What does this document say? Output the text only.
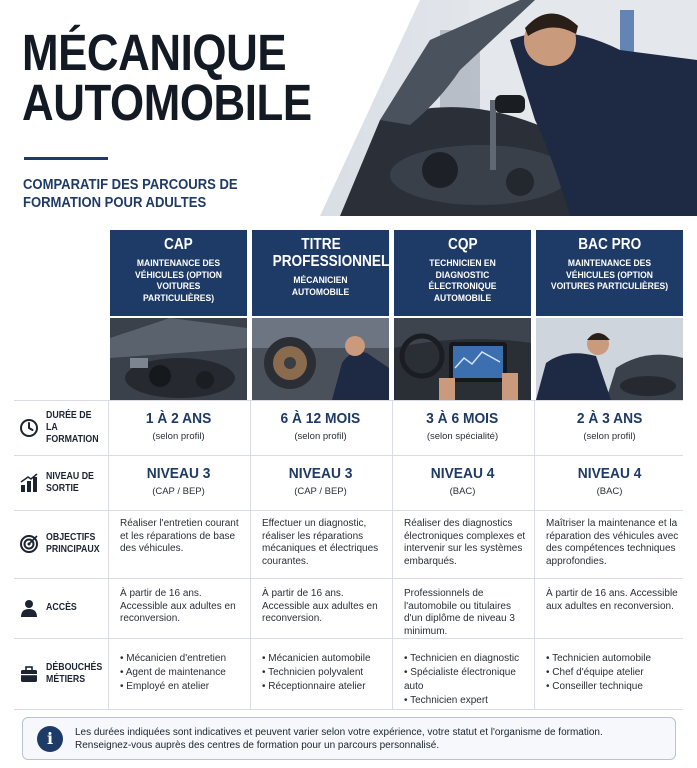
MÉCANIQUE
AUTOMOBILE
COMPARATIF DES PARCOURS DE FORMATION POUR ADULTES
DURÉE DE LA FORMATION
NIVEAU DE SORTIE
OBJECTIFS PRINCIPAUX
ACCÈS
DÉBOUCHÉS MÉTIERS
CAP
MAINTENANCE DES VÉHICULES (OPTION VOITURES PARTICULIÈRES)
1 À 2 ANS
(selon profil)
NIVEAU 3
(CAP / BEP)
Réaliser l'entretien courant et les réparations de base des véhicules.
À partir de 16 ans. Accessible aux adultes en reconversion.
• Mécanicien d'entretien
• Agent de maintenance
• Employé en atelier
TITRE PROFESSIONNEL
MÉCANICIEN AUTOMOBILE
6 À 12 MOIS
(selon profil)
NIVEAU 3
(CAP / BEP)
Effectuer un diagnostic, réaliser les réparations mécaniques et électriques courantes.
À partir de 16 ans. Accessible aux adultes en reconversion.
• Mécanicien automobile
• Technicien polyvalent
• Réceptionnaire atelier
CQP
TECHNICIEN EN DIAGNOSTIC ÉLECTRONIQUE AUTOMOBILE
3 À 6 MOIS
(selon spécialité)
NIVEAU 4
(BAC)
Réaliser des diagnostics électroniques complexes et intervenir sur les systèmes embarqués.
Professionnels de l'automobile ou titulaires d'un diplôme de niveau 3 minimum.
• Technicien en diagnostic
• Spécialiste électronique auto
• Technicien expert
BAC PRO
MAINTENANCE DES VÉHICULES (OPTION VOITURES PARTICULIÈRES)
2 À 3 ANS
(selon profil)
NIVEAU 4
(BAC)
Maîtriser la maintenance et la réparation des véhicules avec des compétences techniques approfondies.
À partir de 16 ans. Accessible aux adultes en reconversion.
• Technicien automobile
• Chef d'équipe atelier
• Conseiller technique
i	Les durées indiquées sont indicatives et peuvent varier selon votre expérience, votre statut et l'organisme de formation.
Renseignez-vous auprès des centres de formation pour un parcours personnalisé.
